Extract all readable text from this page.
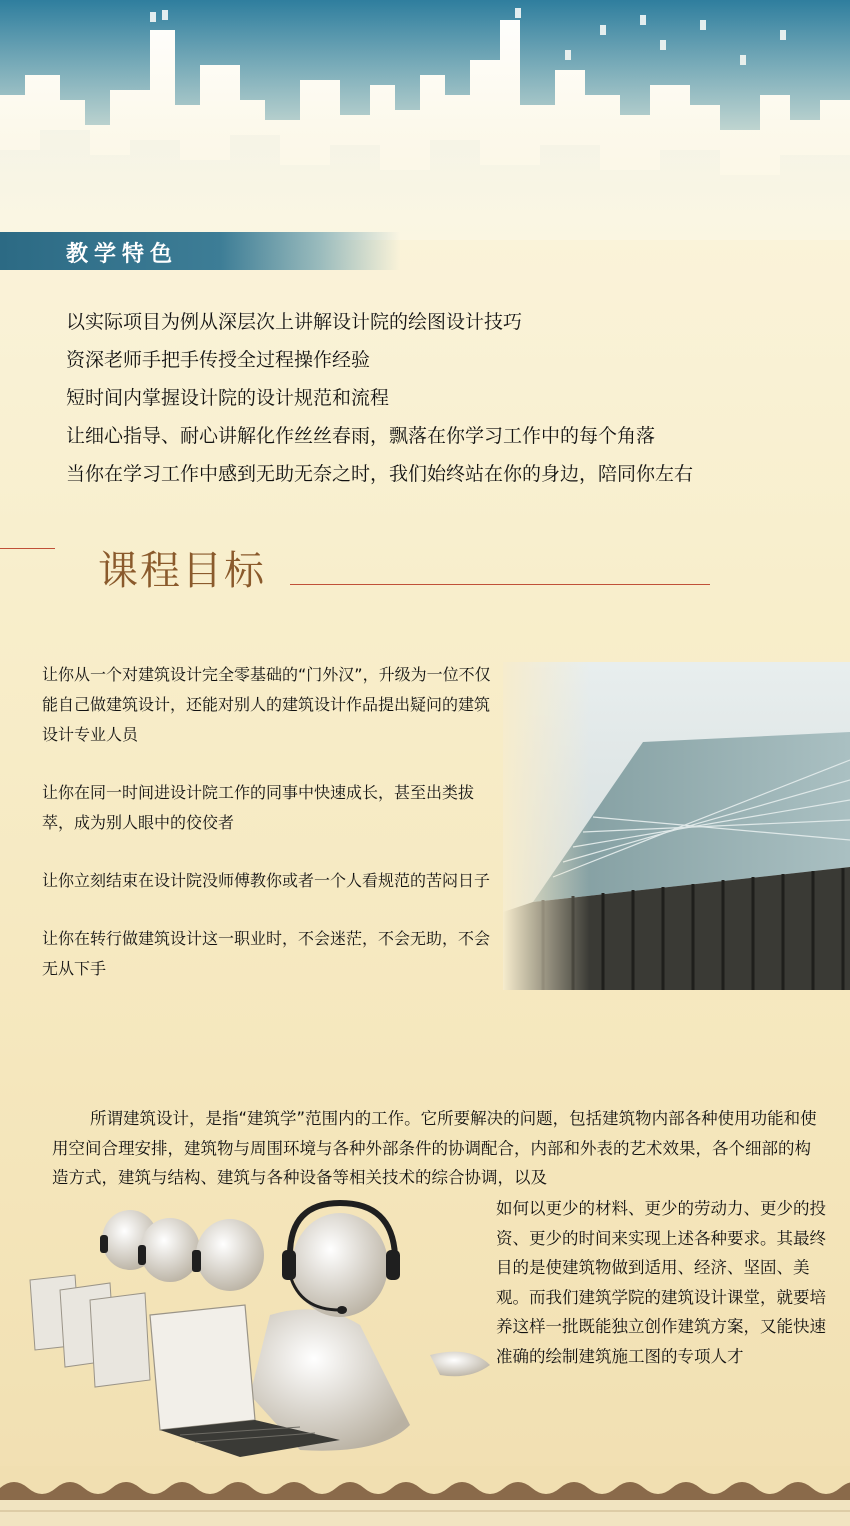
教学特色
以实际项目为例从深层次上讲解设计院的绘图设计技巧
资深老师手把手传授全过程操作经验
短时间内掌握设计院的设计规范和流程
让细心指导、耐心讲解化作丝丝春雨，飘落在你学习工作中的每个角落
当你在学习工作中感到无助无奈之时，我们始终站在你的身边，陪同你左右
课程目标
让你从一个对建筑设计完全零基础的“门外汉”，升级为一位不仅能自己做建筑设计，还能对别人的建筑设计作品提出疑问的建筑设计专业人员
让你在同一时间进设计院工作的同事中快速成长，甚至出类拔萃，成为别人眼中的佼佼者
让你立刻结束在设计院没师傅教你或者一个人看规范的苦闷日子
让你在转行做建筑设计这一职业时，不会迷茫，不会无助，不会无从下手
所谓建筑设计，是指“建筑学”范围内的工作。它所要解决的问题，包括建筑物内部各种使用功能和使用空间合理安排，建筑物与周围环境与各种外部条件的协调配合，内部和外表的艺术效果，各个细部的构造方式，建筑与结构、建筑与各种设备等相关技术的综合协调，以及
如何以更少的材料、更少的劳动力、更少的投资、更少的时间来实现上述各种要求。其最终目的是使建筑物做到适用、经济、坚固、美观。而我们建筑学院的建筑设计课堂，就要培养这样一批既能独立创作建筑方案，又能快速准确的绘制建筑施工图的专项人才
